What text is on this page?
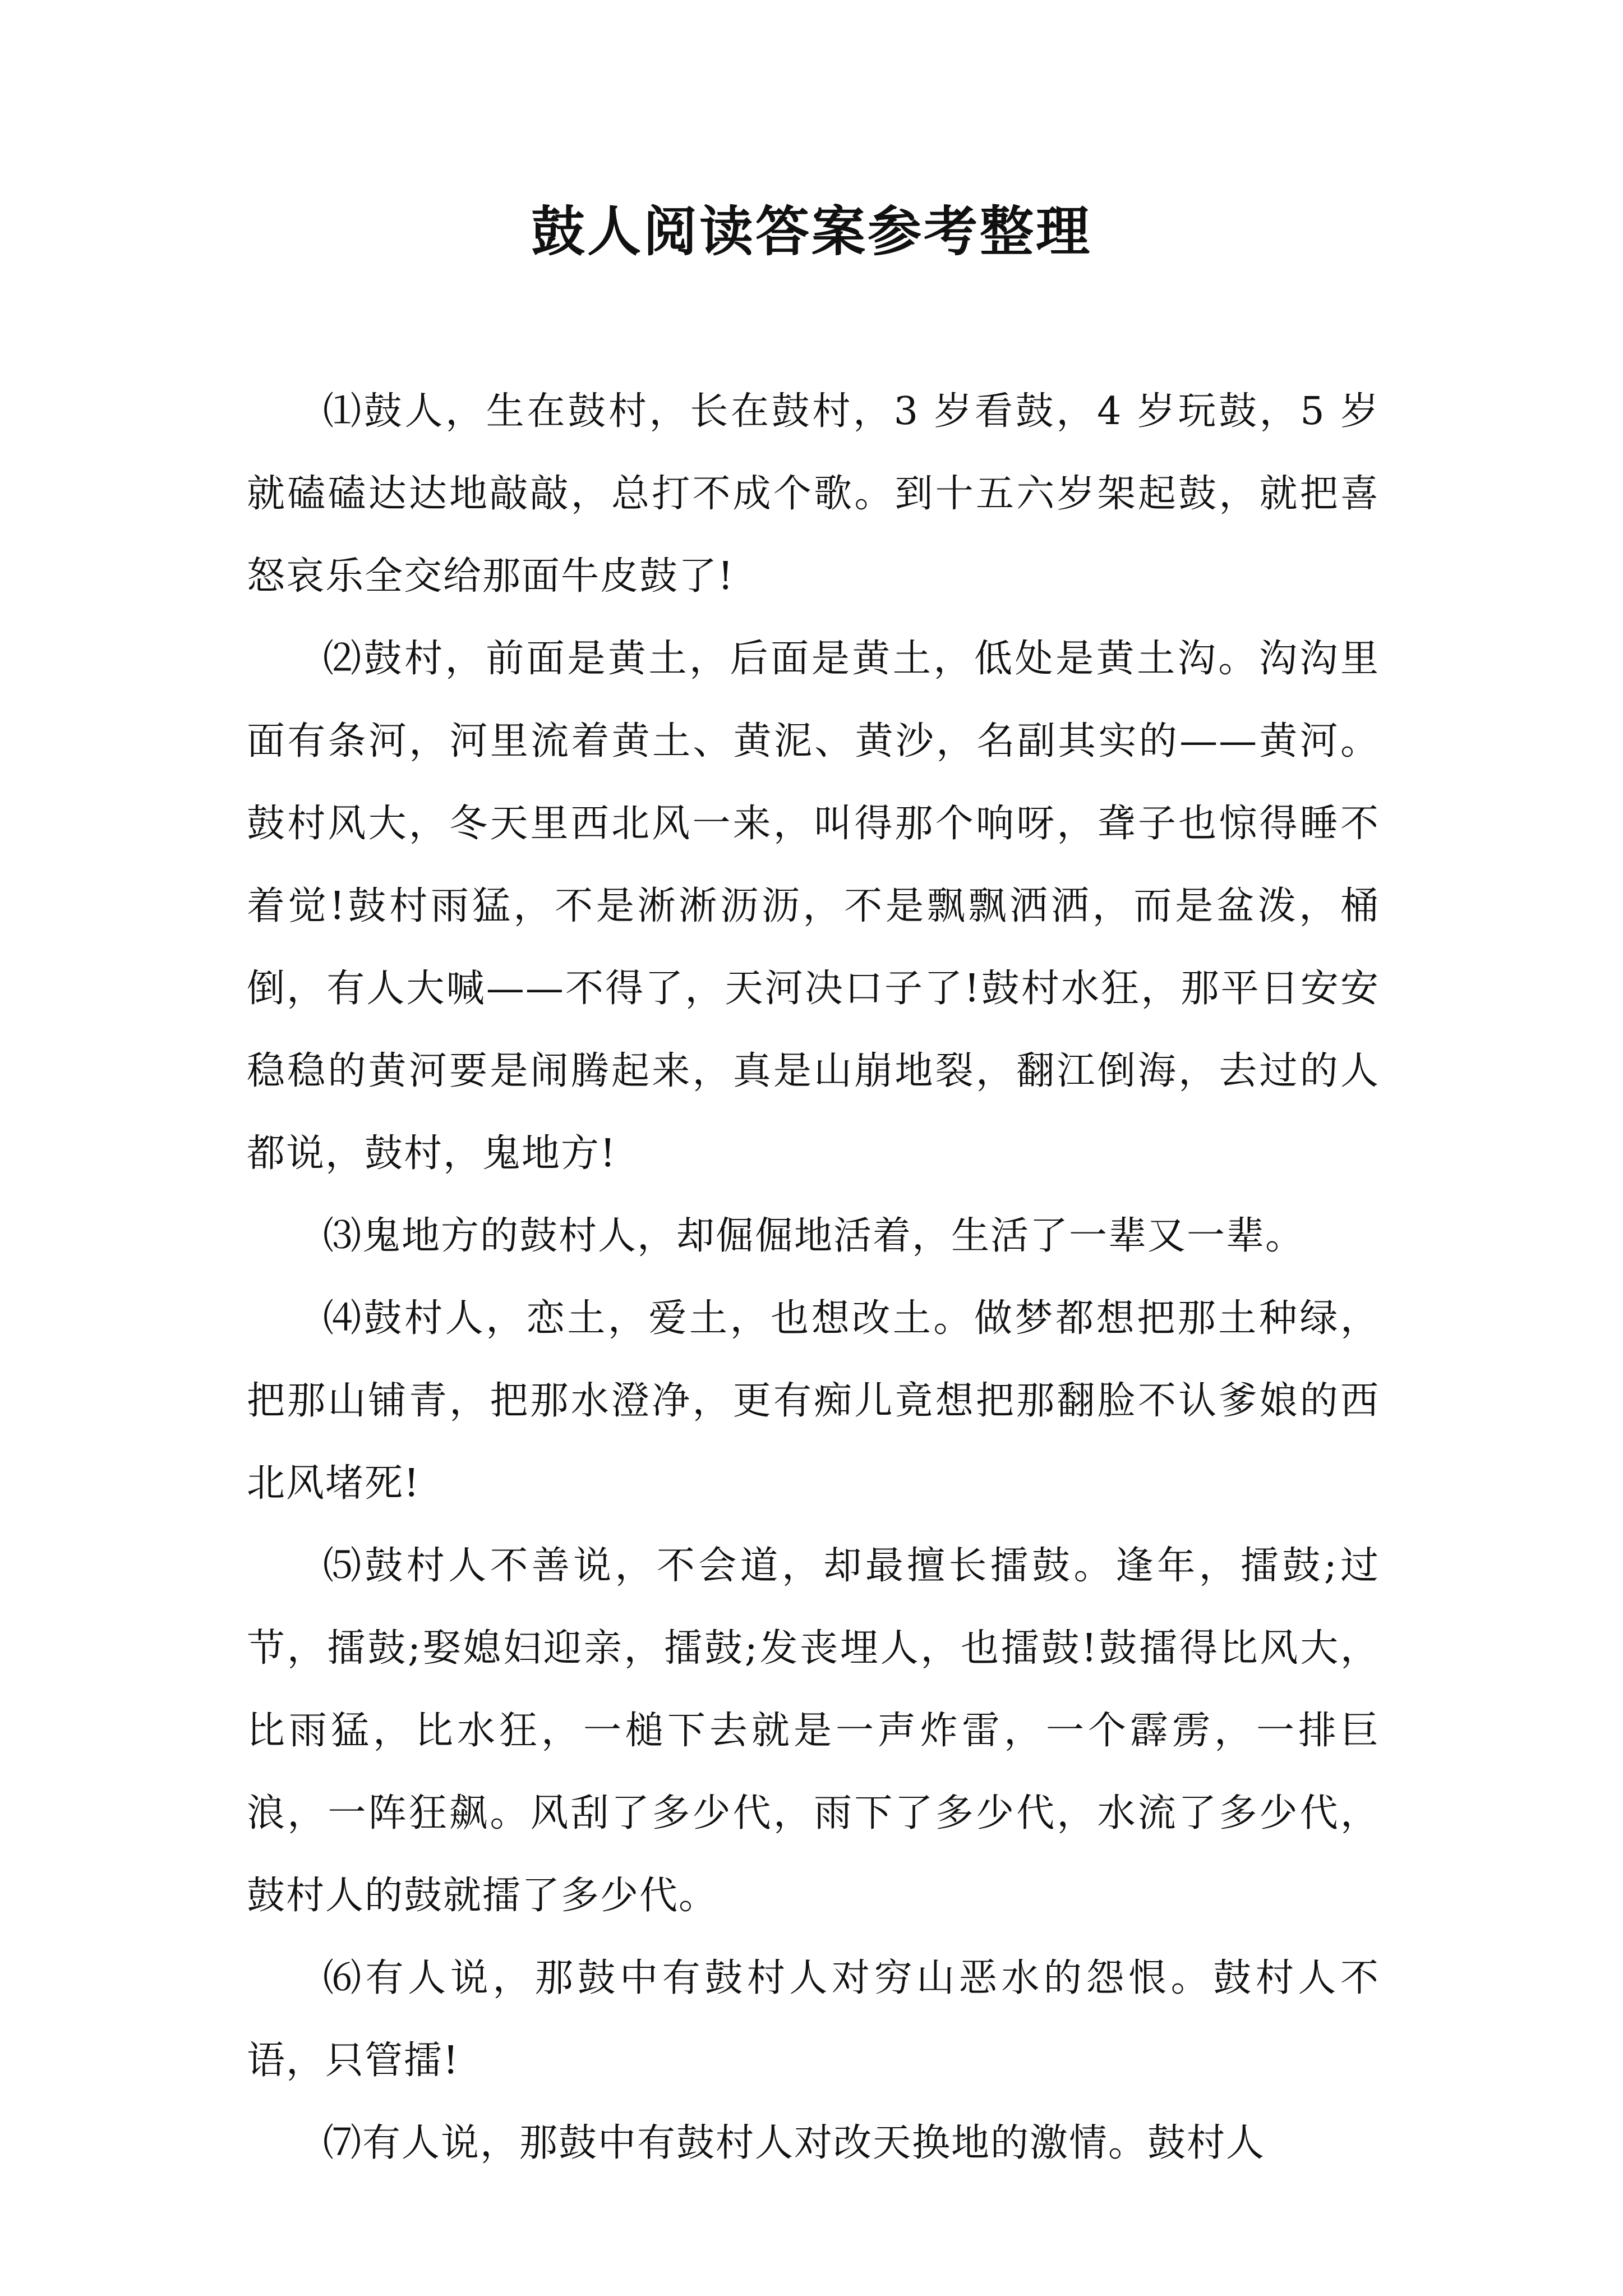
鼓人阅读答案参考整理

⑴鼓人，生在鼓村，长在鼓村，3 岁看鼓，4 岁玩鼓，5 岁就磕磕达达地敲敲，总打不成个歌。到十五六岁架起鼓，就把喜怒哀乐全交给那面牛皮鼓了!

⑵鼓村，前面是黄土，后面是黄土，低处是黄土沟。沟沟里面有条河，河里流着黄土、黄泥、黄沙，名副其实的——黄河。鼓村风大，冬天里西北风一来，叫得那个响呀，聋子也惊得睡不着觉!鼓村雨猛，不是淅淅沥沥，不是飘飘洒洒，而是盆泼，桶倒，有人大喊——不得了，天河决口子了!鼓村水狂，那平日安安稳稳的黄河要是闹腾起来，真是山崩地裂，翻江倒海，去过的人都说，鼓村，鬼地方!

⑶鬼地方的鼓村人，却倔倔地活着，生活了一辈又一辈。

⑷鼓村人，恋土，爱土，也想改土。做梦都想把那土种绿，把那山铺青，把那水澄净，更有痴儿竟想把那翻脸不认爹娘的西北风堵死!

⑸鼓村人不善说，不会道，却最擅长擂鼓。逢年，擂鼓;过节，擂鼓;娶媳妇迎亲，擂鼓;发丧埋人，也擂鼓!鼓擂得比风大，比雨猛，比水狂，一槌下去就是一声炸雷，一个霹雳，一排巨浪，一阵狂飙。风刮了多少代，雨下了多少代，水流了多少代，鼓村人的鼓就擂了多少代。

⑹有人说，那鼓中有鼓村人对穷山恶水的怨恨。鼓村人不语，只管擂!

⑺有人说，那鼓中有鼓村人对改天换地的激情。鼓村人
